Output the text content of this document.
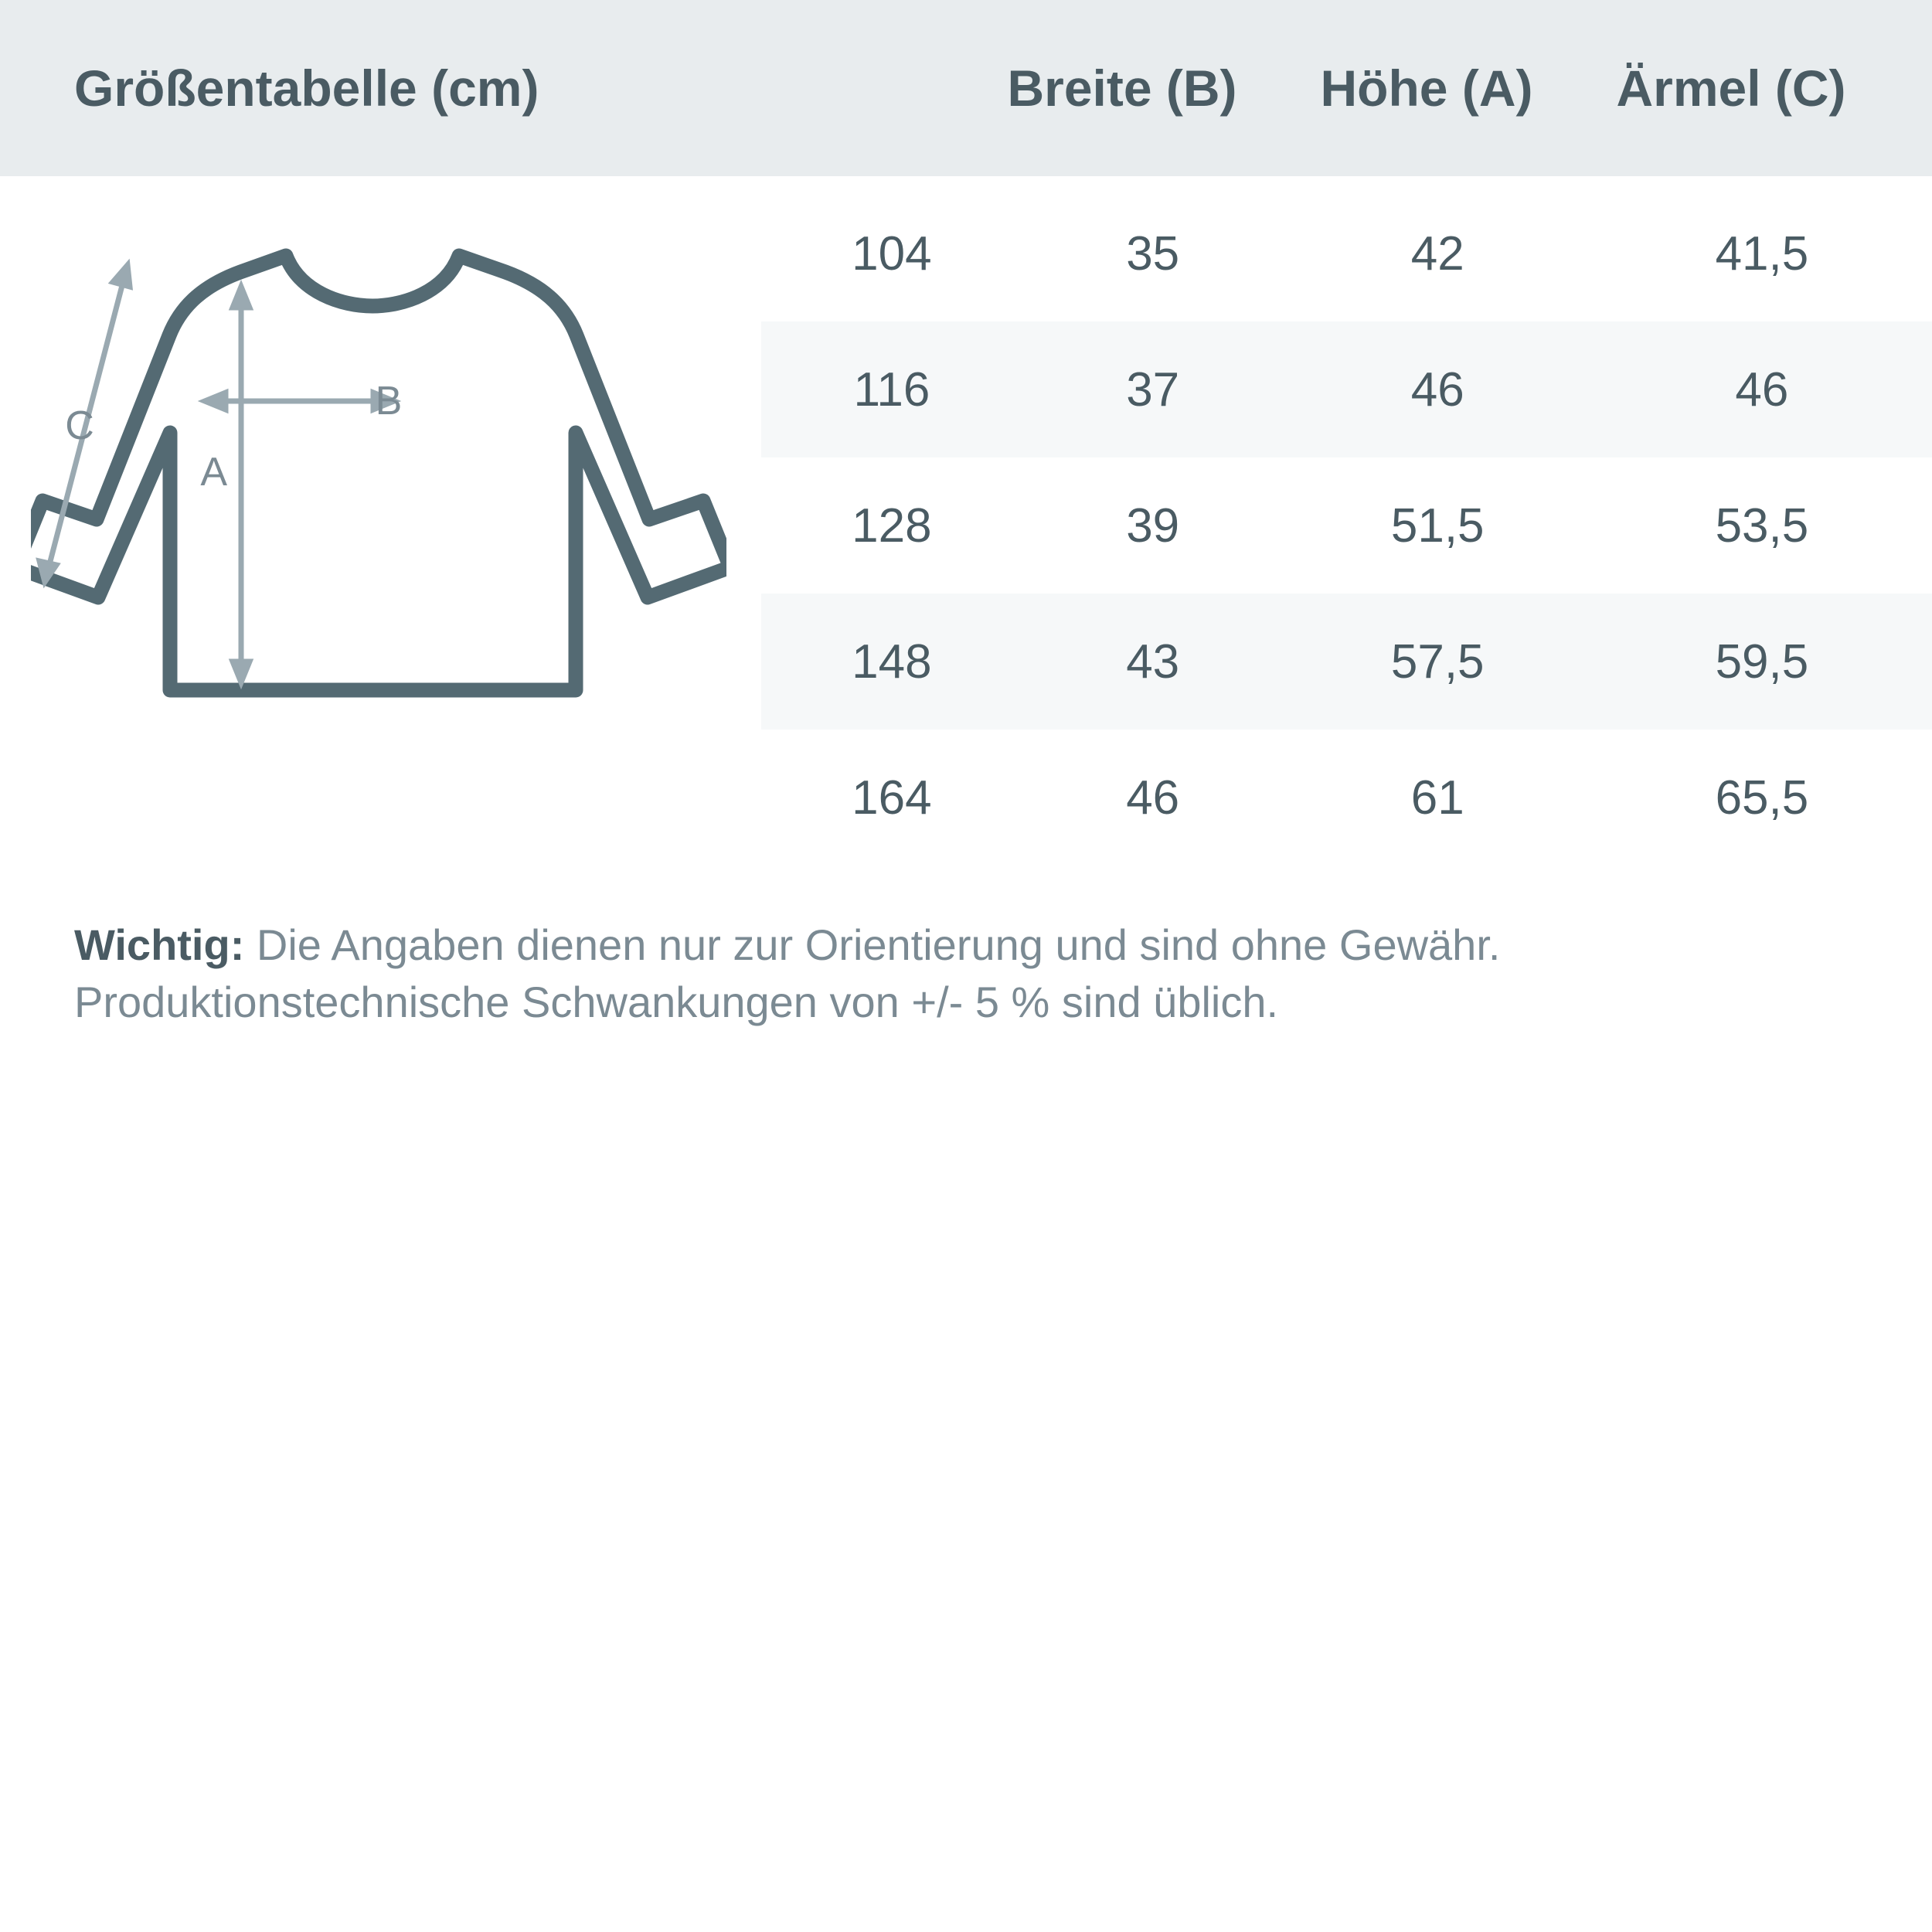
Größentabelle (cm)	Breite (B)	Höhe (A)	Ärmel (C)
B
A
C
104	35	42	41,5
116	37	46	46
128	39	51,5	53,5
148	43	57,5	59,5
164	46	61	65,5
Wichtig: Die Angaben dienen nur zur Orientierung und sind ohne Gewähr. Produktionstechnische Schwankungen von +/- 5 % sind üblich.
